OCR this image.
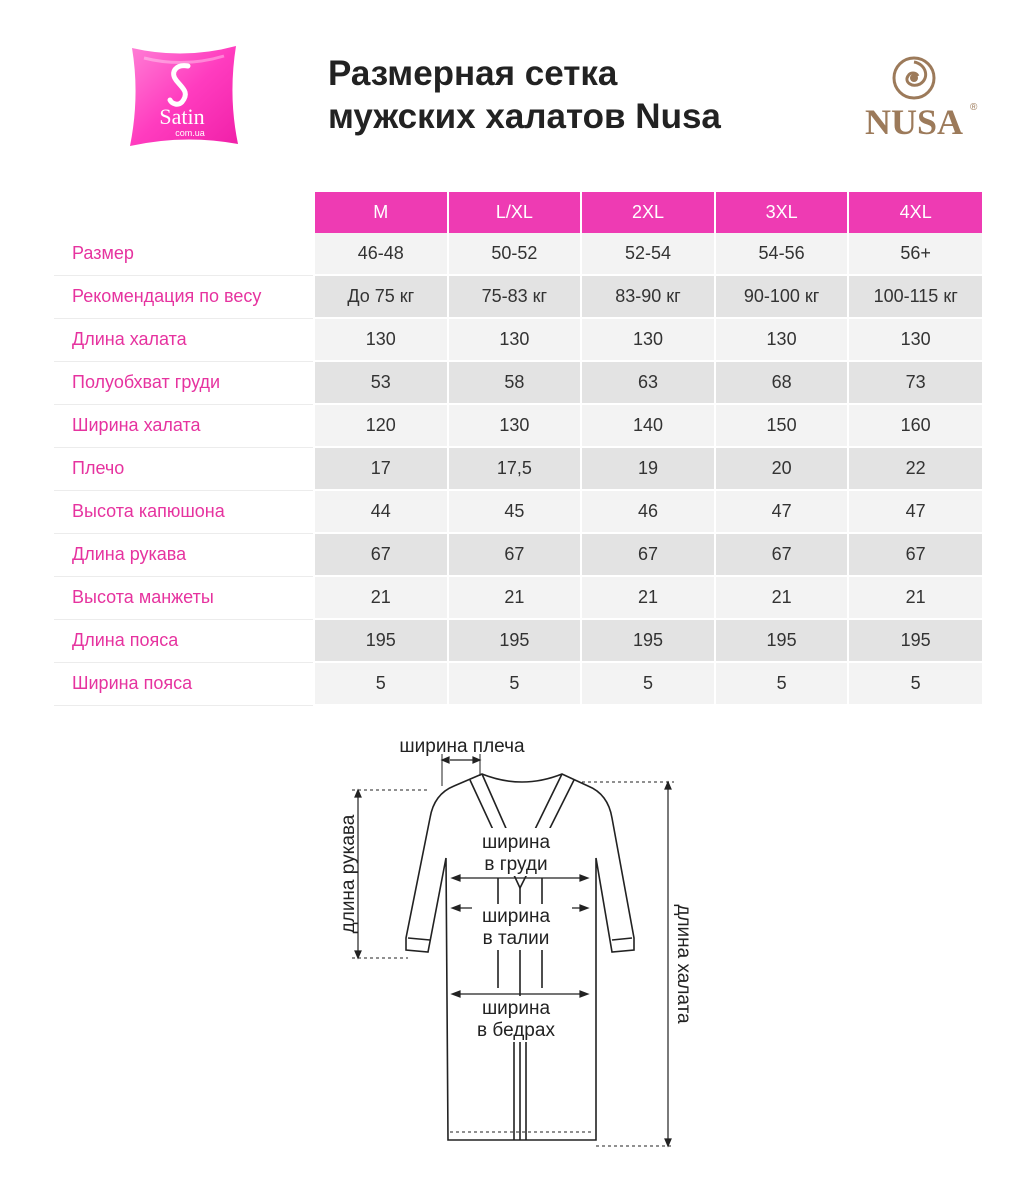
Satin
com.ua
Размерная сетка
мужских халатов Nusa	NUSA ®
	M	L/XL	2XL	3XL	4XL
Размер	46-48	50-52	52-54	54-56	56+
Рекомендация по весу	До 75 кг	75-83 кг	83-90 кг	90-100 кг	100-115 кг
Длина халата	130	130	130	130	130
Полуобхват груди	53	58	63	68	73
Ширина халата	120	130	140	150	160
Плечо	17	17,5	19	20	22
Высота капюшона	44	45	46	47	47
Длина рукава	67	67	67	67	67
Высота манжеты	21	21	21	21	21
Длина пояса	195	195	195	195	195
Ширина пояса	5	5	5	5	5
ширина плеча
длина рукава
длина халата
ширина
в груди
ширина
в талии
ширина
в бедрах
